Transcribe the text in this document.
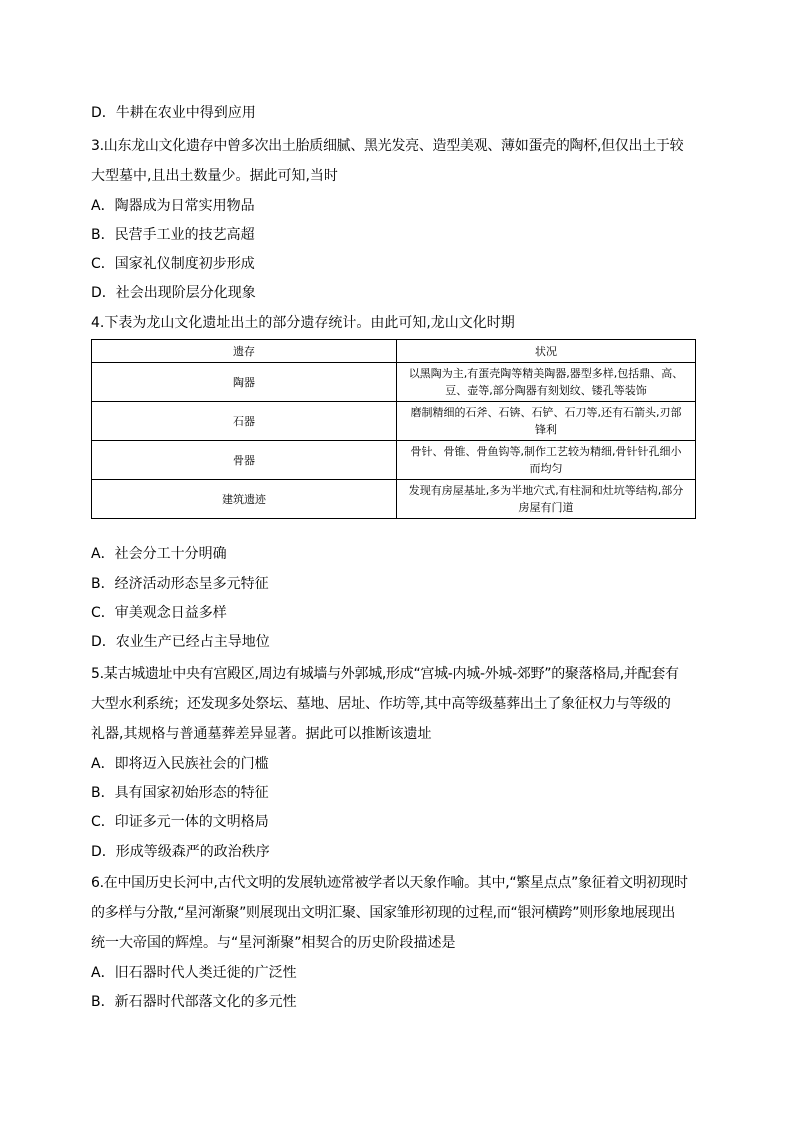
D．牛耕在农业中得到应用
3.山东龙山文化遗存中曾多次出土胎质细腻、黑光发亮、造型美观、薄如蛋壳的陶杯,但仅出土于较
大型墓中,且出土数量少。据此可知,当时
A．陶器成为日常实用物品
B．民营手工业的技艺高超
C．国家礼仪制度初步形成
D．社会出现阶层分化现象
4.下表为龙山文化遗址出土的部分遗存统计。由此可知,龙山文化时期
遗存	状况
陶器	以黑陶为主,有蛋壳陶等精美陶器,器型多样,包括鼎、高、
豆、壶等,部分陶器有刻划纹、镂孔等装饰

石器	磨制精细的石斧、石锛、石铲、石刀等,还有石箭头,刃部
锋利

骨器	骨针、骨锥、骨鱼钩等,制作工艺较为精细,骨针针孔细小
而均匀

建筑遗迹	发现有房屋基址,多为半地穴式,有柱洞和灶坑等结构,部分
房屋有门道
A．社会分工十分明确
B．经济活动形态呈多元特征
C．审美观念日益多样
D．农业生产已经占主导地位
5.某古城遗址中央有宫殿区,周边有城墙与外郭城,形成“宫城-内城-外城-郊野”的聚落格局,并配套有
大型水利系统；还发现多处祭坛、墓地、居址、作坊等,其中高等级墓葬出土了象征权力与等级的
礼器,其规格与普通墓葬差异显著。据此可以推断该遗址
A．即将迈入民族社会的门槛
B．具有国家初始形态的特征
C．印证多元一体的文明格局
D．形成等级森严的政治秩序
6.在中国历史长河中,古代文明的发展轨迹常被学者以天象作喻。其中,“繁星点点”象征着文明初现时
的多样与分散,“星河渐聚”则展现出文明汇聚、国家雏形初现的过程,而“银河横跨”则形象地展现出
统一大帝国的辉煌。与“星河渐聚”相契合的历史阶段描述是
A．旧石器时代人类迁徙的广泛性
B．新石器时代部落文化的多元性
